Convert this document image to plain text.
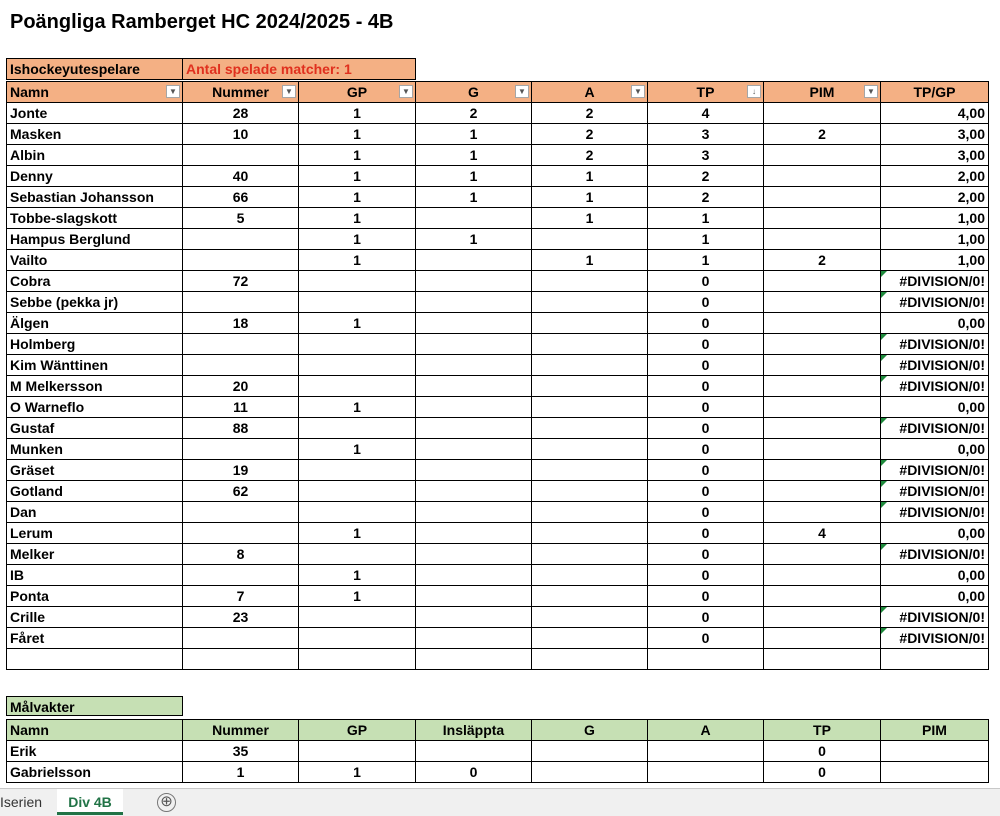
Poängliga Ramberget HC 2024/2025 - 4B
Ishockeyutespelare	Antal spelade matcher: 1
Namn ▼	Nummer ▼	GP ▼	G ▼	A ▼	TP ↓	PIM ▼	TP/GP
Jonte	28	1	2	2	4		4,00
Masken	10	1	1	2	3	2	3,00
Albin		1	1	2	3		3,00
Denny	40	1	1	1	2		2,00
Sebastian Johansson	66	1	1	1	2		2,00
Tobbe-slagskott	5	1		1	1		1,00
Hampus Berglund		1	1		1		1,00
Vailto		1		1	1	2	1,00
Cobra	72				0		#DIVISION/0!

Sebbe (pekka jr)					0		#DIVISION/0!

Älgen	18	1			0		0,00
Holmberg					0		#DIVISION/0!

Kim Wänttinen					0		#DIVISION/0!

M Melkersson	20				0		#DIVISION/0!

O Warneflo	11	1			0		0,00
Gustaf	88				0		#DIVISION/0!

Munken		1			0		0,00
Gräset	19				0		#DIVISION/0!

Gotland	62				0		#DIVISION/0!

Dan					0		#DIVISION/0!

Lerum		1			0	4	0,00
Melker	8				0		#DIVISION/0!

IB		1			0		0,00
Ponta	7	1			0		0,00
Crille	23				0		#DIVISION/0!

Fåret					0		#DIVISION/0!

Målvakter
Namn	Nummer	GP	Insläppta	G	A	TP	PIM
Erik	35					0	
Gabrielsson	1	1	0			0	
Iserien	Div 4B	⊕
